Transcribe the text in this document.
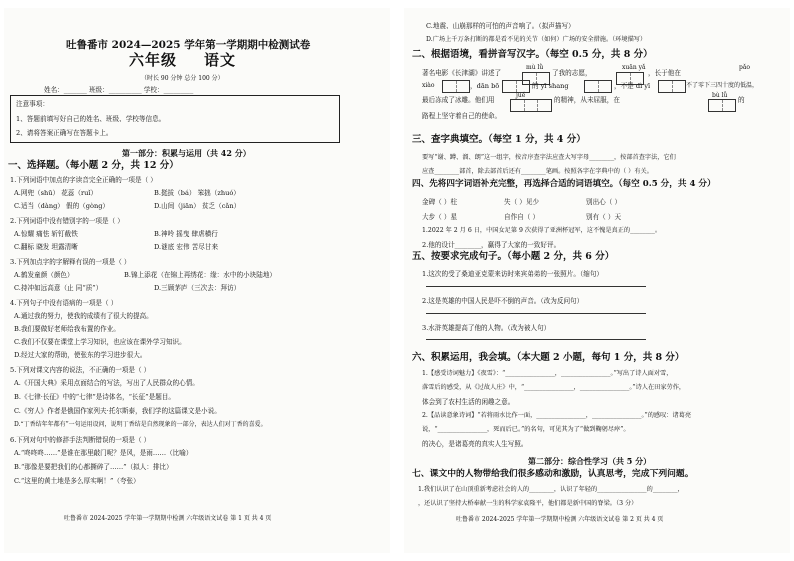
吐鲁番市 2024—2025 学年第一学期期中检测试卷
六年级 语文
（时长 90 分钟 总分 100 分）
姓名：_______ 班级：__________ 学校：_________
注意事项：
1、答题前填写好自己的姓名、班级、学校等信息。
2、请将答案正确写在答题卡上。
第一部分：积累与运用（共 42 分）
一、选择题。（每小题 2 分，共 12 分）
1.下列词语中加点的字读音完全正确的一项是（ ）
A.网兜（shū） 花蕊（ruǐ）	B.挺拔（bá） 笨拙（zhuó）
C.适当（dàng） 假的（gòng）	D.山间（jiān） 贫乏（cǎn）
2.下列词语中没有错别字的一项是（ ）
A.惊耀 痛怯 斩钉截铁	B.神呤 摇曳 肆虐横行
C.翻标 晓发 坦露清晰	D.谜底 宏伟 苦尽甘来
3.下列加点字的字解释有误的一项是（ ）
A.鹤发童颜（颜色）	B.锦上添花（在锦上再绣花：缘：水中的小块陆地）
C.持冲如远高意（止 同“质”）	D.三顾茅庐（三次去：拜访）
4.下列句子中没有语病的一项是（ ）
A.通过我的努力，使我的成绩有了很大的提高。
B.我们要做好老师给我布置的作业。
C.我们不仅要在课堂上学习知识，也应该在课外学习知识。
D.经过大家的帮助，使张东的学习进步很大。
5.下列对课文内容的说法，不正确的一项是（ ）
A.《开国大典》采用点面结合的写法，写出了人民群众的心情。
B.《七律·长征》中的“七律”是诗体名，“长征”是题目。
C.《穷人》作者是俄国作家列夫·托尔斯泰，我们学的这篇课文是小说。
D.“丁香结年年都有”一句运用设问，说明丁香结是自然现象的一部分，表达人们对丁香的喜爱。
6.下列对句中的修辞手法判断错误的一项是（ ）
A.“咚咚咚……”是谁在那里敲门呢？是风，是雨……（比喻）
B.“那像是要把我们的心都撕碎了……”（拟人：排比）
C.“这里的黄土地是多么厚实啊！”（夸张）
吐鲁番市 2024-2025 学年第一学期期中检测 六年级语文试卷 第 1 页 共 4 页
C.地震、山崩那样的可怕的声音响了。（拟声描写）
D.广场上千万条打断的都是看不见的关节（如何）广场的安全措施。（环境描写）
二、根据语境，看拼音写汉字。（每空 0.5 分，共 8 分）
著名电影《长津湖》讲述了
mù lǜ
了我的志愿，
xuān yǎ
，长于他在
pǎo
xiào	，dān bō	的 yī shang	，不是 dì yī	不了零下三四十度的低温，
最后冻成了冰雕。他们用
jué
的精神，从未屈服，在
bù lǚ
的
路程上坚守着自己的使命。
三、查字典填空。（每空 1 分，共 4 分）
要写“谢、蹲、溜、朗”这一组字，按音序查字法应查大写字母________，按部首查字法，它们
应查________部首，除去部首后还有________笔画。按照各字在字典中的（ ）有关。
四、先将四字词语补充完整，再选择合适的词语填空。（每空 0.5 分，共 4 分）
金碑（ ）柱	失（ ）见少	别出心（ ）
大步（ ）星	自作自（ ）	别有（ ）天
1.2022 年 2 月 6 日，中国女足第 9 次获得了亚洲杯冠军，这不愧是真正的________。
2.他的设计________，赢得了大家的一致好评。
五、按要求完成句子。（每小题 2 分，共 6 分）
1.这次的受了桑迪亚克蒙来访时来宾弟弟的一张照片。（缩句）
2.这是英雄的中国人民是吓不倒的声音。（改为反问句）
3.水浒英雄提高了他的人物。（改为被人句）
六、积累运用，我会填。（本大题 2 小题，每句 1 分，共 8 分）
1.【感受诗词魅力】《夜雪》：“________________，________________。”写出了诗人面对雪，
落雪后的感受，从《过故人庄》中，“________________，________________。”诗人在田家劳作，
体会到了农村生活的闲趣之意。
2.【品读意象诗词】“若将雨水比作一面，________________，________________。”的感叹：诸葛亮
说，“________________，死而后已。”的名句，可见其为了“做到鞠躬尽瘁”。
的决心，是诸葛亮的真实人生写照。
第二部分：综合性学习（共 5 分）
七、课文中的人物带给我们很多感动和激励，认真思考，完成下列问题。
1.我们认识了在山顶重新考虑社会的人的________，认识了年轻的________________的________，
，还认识了坚持大桥奉献一生的科学家袁隆平，他们都是新中国的脊梁。（3 分）
吐鲁番市 2024-2025 学年第一学期期中检测 六年级语文试卷 第 2 页 共 4 页
